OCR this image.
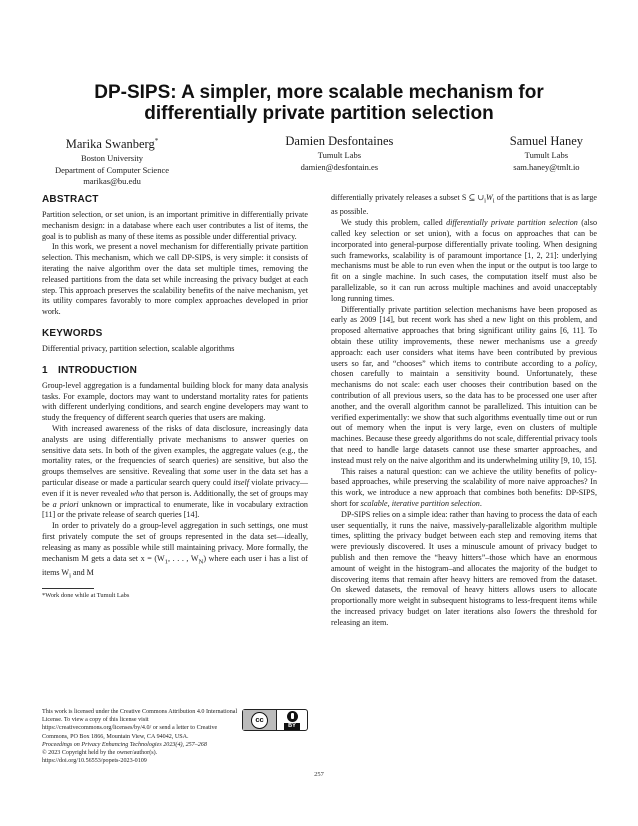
DP-SIPS: A simpler, more scalable mechanism for differentially private partition selection
Marika Swanberg*
Boston University
Department of Computer Science
marikas@bu.edu
Damien Desfontaines
Tumult Labs
damien@desfontain.es
Samuel Haney
Tumult Labs
sam.haney@tmlt.io
ABSTRACT

Partition selection, or set union, is an important primitive in differentially private mechanism design: in a database where each user contributes a list of items, the goal is to publish as many of these items as possible under differential privacy.

In this work, we present a novel mechanism for differentially private partition selection. This mechanism, which we call DP-SIPS, is very simple: it consists of iterating the naive algorithm over the data set multiple times, removing the released partitions from the data set while increasing the privacy budget at each step. This approach preserves the scalability benefits of the naive mechanism, yet its utility compares favorably to more complex approaches developed in prior work.

KEYWORDS

Differential privacy, partition selection, scalable algorithms

1 INTRODUCTION

Group-level aggregation is a fundamental building block for many data analysis tasks. For example, doctors may want to understand mortality rates for patients with different underlying conditions, and search engine developers may want to study the frequency of different search queries that users are making.

With increased awareness of the risks of data disclosure, increasingly data analysts are using differentially private mechanisms to answer queries on sensitive data sets. In both of the given examples, the aggregate values (e.g., the mortality rates, or the frequencies of search queries) are sensitive, but also the groups themselves are sensitive. Revealing that some user in the data set has a particular disease or made a particular search query could itself violate privacy—even if it is never revealed who that person is. Additionally, the set of groups may be a priori unknown or impractical to enumerate, like in vocabulary extraction [11] or the private release of search queries [14].

In order to privately do a group-level aggregation in such settings, one must first privately compute the set of groups represented in the data set—ideally, releasing as many as possible while still maintaining privacy. More formally, the mechanism M gets a data set $x = (W_1$, . . . , $W_N$) where each user i has a list of items $W_i$ and M

*Work done while at Tumult Labs
This work is licensed under the Creative Commons Attribution 4.0 International License. To view a copy of this license visit https://creativecommons.org/licenses/by/4.0/ or send a letter to Creative Commons, PO Box 1866, Mountain View, CA 94042, USA.
Proceedings on Privacy Enhancing Technologies 2023(4), 257–268
© 2023 Copyright held by the owner/author(s).
https://doi.org/10.56553/popets-2023-0109
cc
BY

differentially privately releases a subset S ⊆ $\cup_iW_i$ of the partitions that is as large as possible.

We study this problem, called differentially private partition selection (also called key selection or set union), with a focus on approaches that can be incorporated into general-purpose differentially private tooling. When designing such frameworks, scalability is of paramount importance [1, 2, 21]: underlying mechanisms must be able to run even when the input or the output is too large to fit on a single machine. In such cases, the computation itself must also be parallelizable, so it can run across multiple machines and avoid unacceptably long running times.

Differentially private partition selection mechanisms have been proposed as early as 2009 [14], but recent work has shed a new light on this problem, and proposed alternative approaches that bring significant utility gains [6, 11]. To obtain these utility improvements, these newer mechanisms use a greedy approach: each user considers what items have been contributed by previous users so far, and “chooses” which items to contribute according to a policy, chosen carefully to maintain a sensitivity bound. Unfortunately, these mechanisms do not scale: each user chooses their contribution based on the contribution of all previous users, so the data has to be processed one user after another, and the overall algorithm cannot be parallelized. This intuition can be verified experimentally: we show that such algorithms eventually time out or run out of memory when the input is very large, even on clusters of multiple machines. Because these greedy algorithms do not scale, differential privacy tools that need to handle large datasets cannot use these smarter approaches, and instead must rely on the naive algorithm and its underwhelming utility [9, 10, 15].

This raises a natural question: can we achieve the utility benefits of policy-based approaches, while preserving the scalability of more naive approaches? In this work, we introduce a new approach that combines both benefits: DP-SIPS, short for scalable, iterative partition selection.

DP-SIPS relies on a simple idea: rather than having to process the data of each user sequentially, it runs the naive, massively-parallelizable algorithm multiple times, splitting the privacy budget between each step and removing items that were previously discovered. It uses a minuscule amount of privacy budget to publish and then remove the “heavy hitters”–those which have an enormous amount of weight in the histogram–and allocates the majority of the budget to discovering items that remain after heavy hitters are removed from the dataset. On skewed datasets, the removal of heavy hitters allows users to allocate proportionally more weight in subsequent histograms to less-frequent items while the increased privacy budget on later iterations also lowers the threshold for releasing an item.

257
